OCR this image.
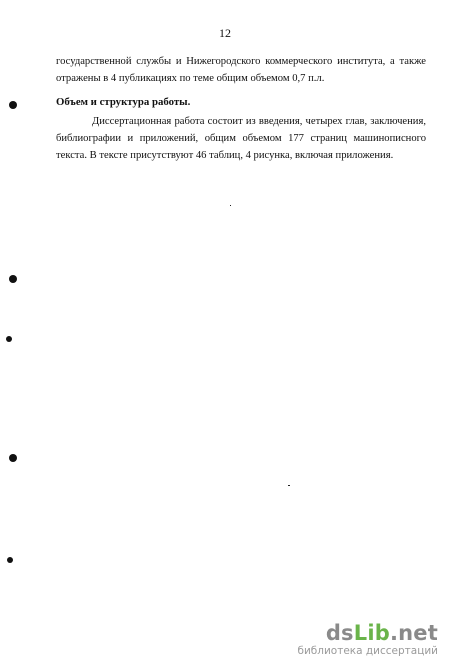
12
государственной службы и Нижегородского коммерческого института, а также
отражены в 4 публикациях по теме общим объемом 0,7 п.л.
Объем и структура работы.
Диссертационная работа состоит из введения, четырех глав, заключения,
библиографии и приложений, общим объемом 177 страниц машинописного
текста. В тексте присутствуют 46 таблиц, 4 рисунка, включая приложения.
dsLib.net
библиотека диссертаций
